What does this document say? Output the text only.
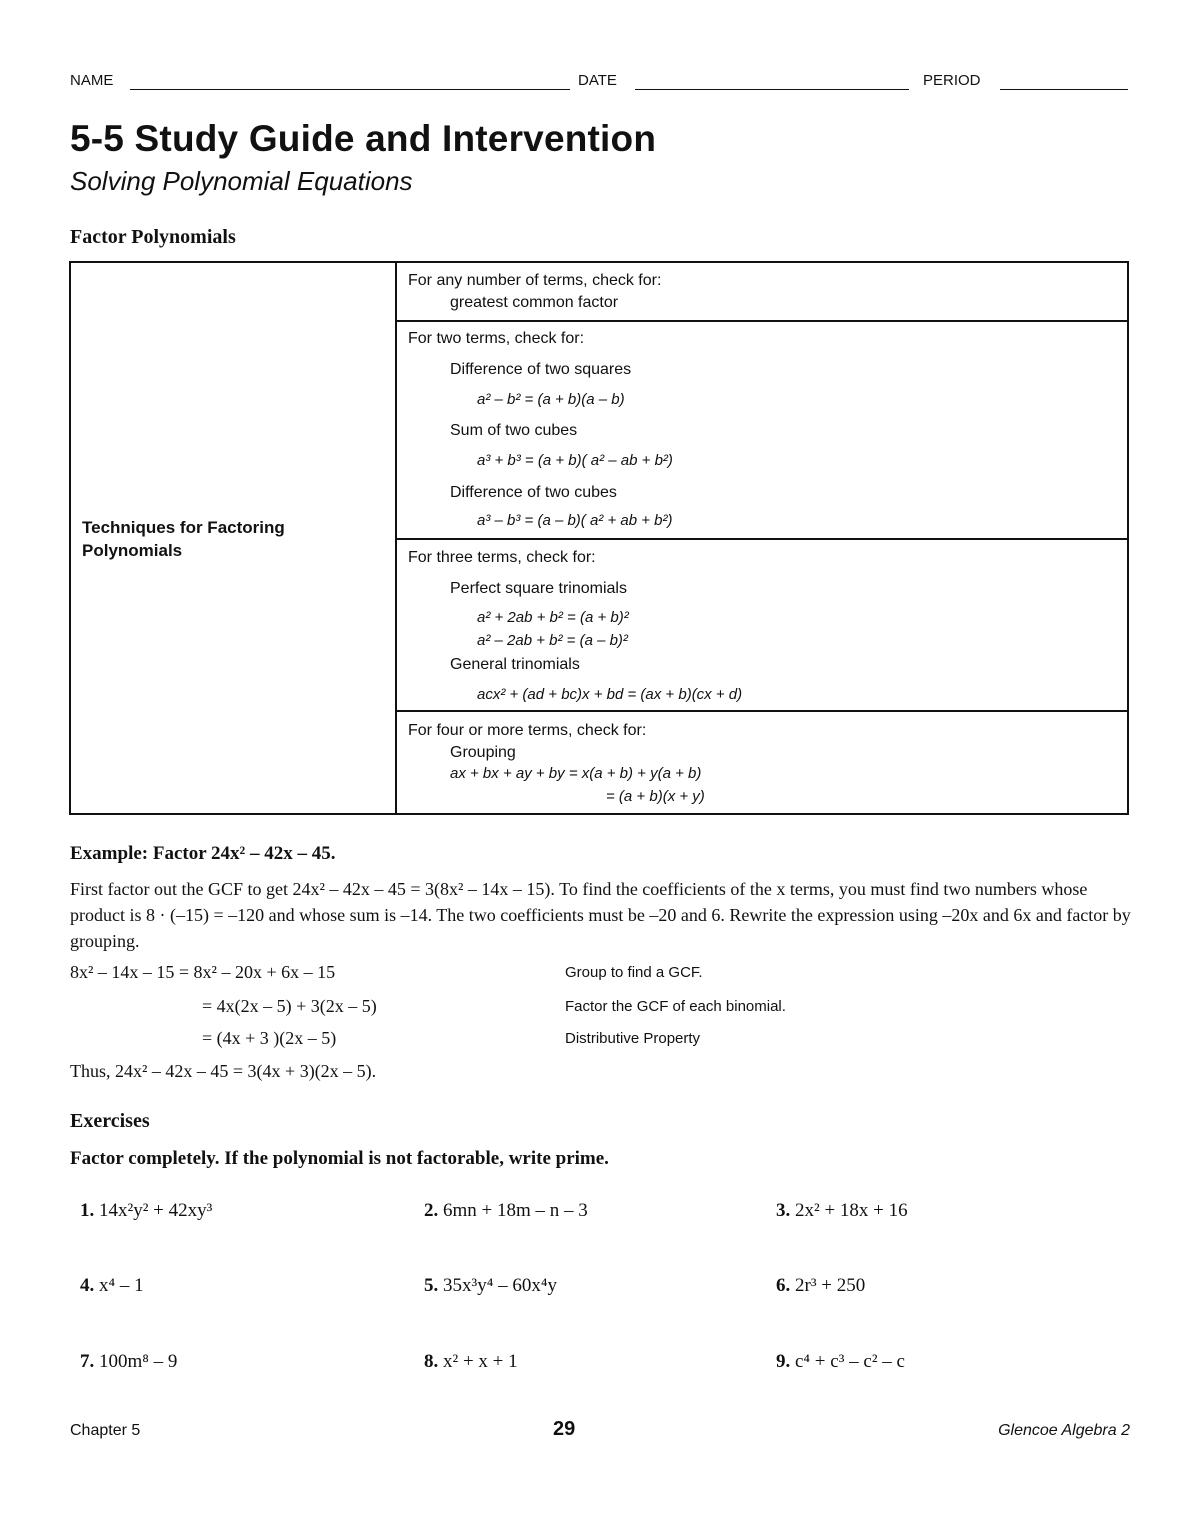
NAME	DATE	PERIOD
5-5 Study Guide and Intervention
Solving Polynomial Equations
Factor Polynomials
Techniques for Factoring Polynomials
For any number of terms, check for:
greatest common factor
For two terms, check for:
Difference of two squares
a² – b² = (a + b)(a – b)
Sum of two cubes
a³ + b³ = (a + b)( a² – ab + b²)
Difference of two cubes
a³ – b³ = (a – b)( a² + ab + b²)
For three terms, check for:
Perfect square trinomials
a² + 2ab + b² = (a + b)²
a² – 2ab + b² = (a – b)²
General trinomials
acx² + (ad + bc)x + bd = (ax + b)(cx + d)
For four or more terms, check for:
Grouping
ax + bx + ay + by = x(a + b) + y(a + b)
= (a + b)(x + y)
Example: Factor 24x² – 42x – 45.
First factor out the GCF to get 24x² – 42x – 45 = 3(8x² – 14x – 15). To find the coefficients of the x terms, you must find two numbers whose product is 8 · (–15) = –120 and whose sum is –14. The two coefficients must be –20 and 6. Rewrite the expression using –20x and 6x and factor by grouping.
8x² – 14x – 15 = 8x² – 20x + 6x – 15	Group to find a GCF.
= 4x(2x – 5) + 3(2x – 5)	Factor the GCF of each binomial.
= (4x + 3 )(2x – 5)	Distributive Property
Thus, 24x² – 42x – 45 = 3(4x + 3)(2x – 5).
Exercises
Factor completely. If the polynomial is not factorable, write prime.
1. 14x²y² + 42xy³	2. 6mn + 18m – n – 3	3. 2x² + 18x + 16
4. x⁴ – 1	5. 35x³y⁴ – 60x⁴y	6. 2r³ + 250
7. 100m⁸ – 9	8. x² + x + 1	9. c⁴ + c³ – c² – c
Chapter 5	29	Glencoe Algebra 2
